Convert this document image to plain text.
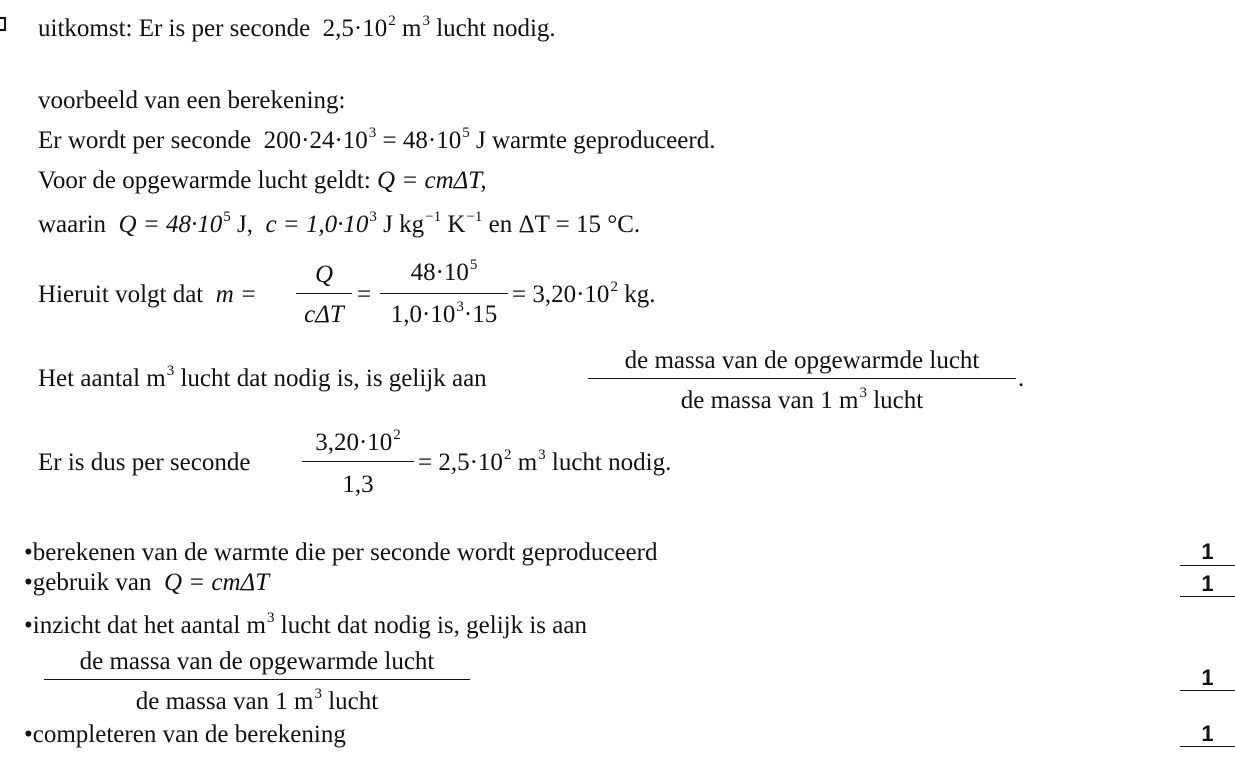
uitkomst: Er is per seconde $2,5\cdot 10^2$ $m^3$ lucht nodig.
voorbeeld van een berekening:
Er wordt per seconde $200\cdot 24\cdot 10^3 = 48\cdot 10^5$ J warmte geproduceerd.
Voor de opgewarmde lucht geldt: Q = cmΔT,
waarin $Q = 48\cdot 10^5$ J, $c = 1,0\cdot 10^3$ J $kg^{-1}$ $K^{-1}$ en ΔT = 15 °C.
Hieruit volgt dat m =
Q
cΔT
=
$48\cdot 10^5$
$1,0\cdot 10^3\cdot 15$
= $3,20\cdot 10^2$ kg.
Het aantal $m^3$ lucht dat nodig is, is gelijk aan
de massa van de opgewarmde lucht
de massa van 1 $m^3$ lucht
.
Er is dus per seconde
$3,20\cdot 10^2$
1,3
= $2,5\cdot 10^2$ $m^3$ lucht nodig.
•berekenen van de warmte die per seconde wordt geproduceerd	1
•gebruik van Q = cmΔT	1
•inzicht dat het aantal $m^3$ lucht dat nodig is, gelijk is aan
de massa van de opgewarmde lucht
de massa van 1 $m^3$ lucht
1
•completeren van de berekening	1
